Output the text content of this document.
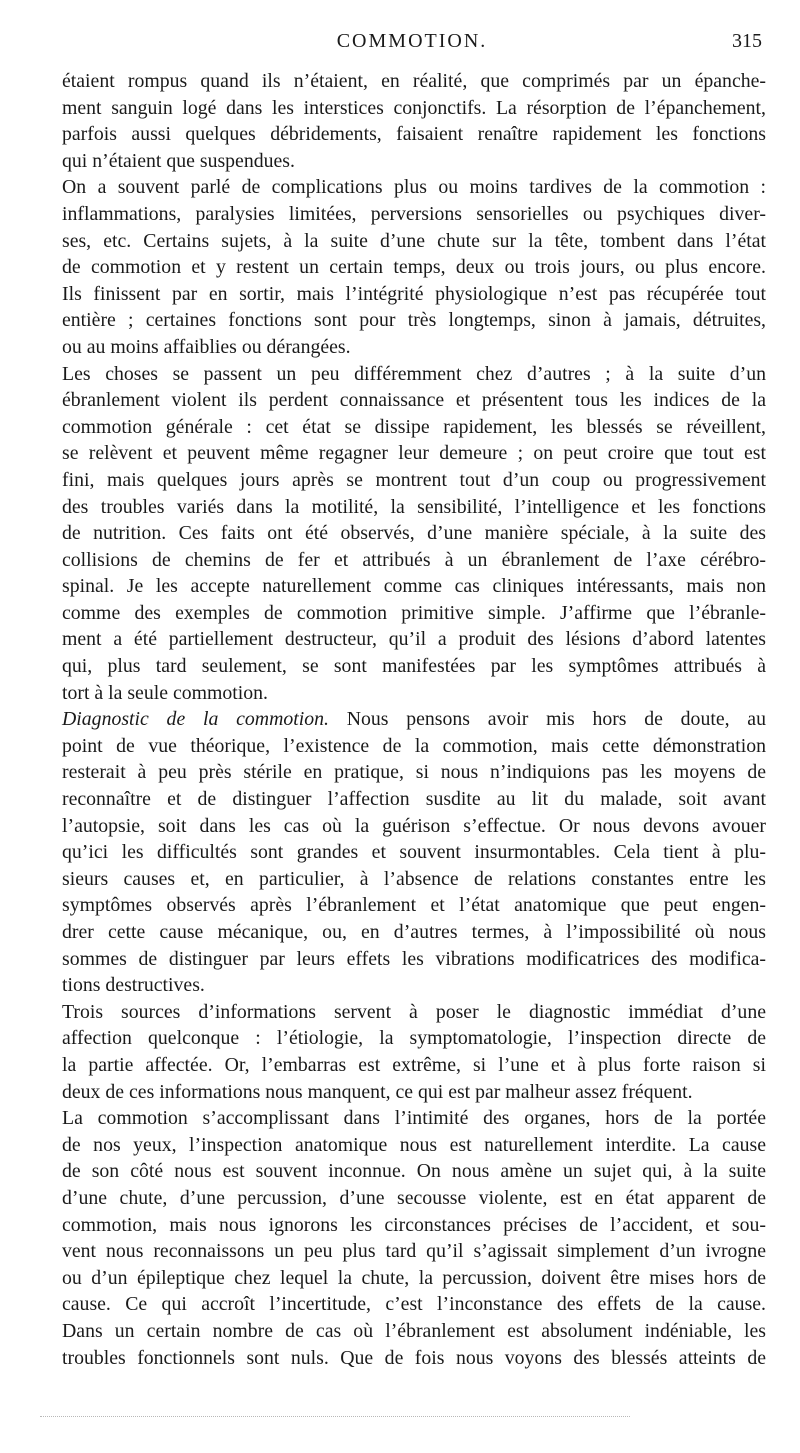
COMMOTION.	315
étaient rompus quand ils n’étaient, en réalité, que comprimés par un épanche-
ment sanguin logé dans les interstices conjonctifs. La résorption de l’épanchement,
parfois aussi quelques débridements, faisaient renaître rapidement les fonctions
qui n’étaient que suspendues.
On a souvent parlé de complications plus ou moins tardives de la commotion :
inflammations, paralysies limitées, perversions sensorielles ou psychiques diver-
ses, etc. Certains sujets, à la suite d’une chute sur la tête, tombent dans l’état
de commotion et y restent un certain temps, deux ou trois jours, ou plus encore.
Ils finissent par en sortir, mais l’intégrité physiologique n’est pas récupérée tout
entière ; certaines fonctions sont pour très longtemps, sinon à jamais, détruites,
ou au moins affaiblies ou dérangées.
Les choses se passent un peu différemment chez d’autres ; à la suite d’un
ébranlement violent ils perdent connaissance et présentent tous les indices de la
commotion générale : cet état se dissipe rapidement, les blessés se réveillent,
se relèvent et peuvent même regagner leur demeure ; on peut croire que tout est
fini, mais quelques jours après se montrent tout d’un coup ou progressivement
des troubles variés dans la motilité, la sensibilité, l’intelligence et les fonctions
de nutrition. Ces faits ont été observés, d’une manière spéciale, à la suite des
collisions de chemins de fer et attribués à un ébranlement de l’axe cérébro-
spinal. Je les accepte naturellement comme cas cliniques intéressants, mais non
comme des exemples de commotion primitive simple. J’affirme que l’ébranle-
ment a été partiellement destructeur, qu’il a produit des lésions d’abord latentes
qui, plus tard seulement, se sont manifestées par les symptômes attribués à
tort à la seule commotion.
Diagnostic de la commotion. Nous pensons avoir mis hors de doute, au
point de vue théorique, l’existence de la commotion, mais cette démonstration
resterait à peu près stérile en pratique, si nous n’indiquions pas les moyens de
reconnaître et de distinguer l’affection susdite au lit du malade, soit avant
l’autopsie, soit dans les cas où la guérison s’effectue. Or nous devons avouer
qu’ici les difficultés sont grandes et souvent insurmontables. Cela tient à plu-
sieurs causes et, en particulier, à l’absence de relations constantes entre les
symptômes observés après l’ébranlement et l’état anatomique que peut engen-
drer cette cause mécanique, ou, en d’autres termes, à l’impossibilité où nous
sommes de distinguer par leurs effets les vibrations modificatrices des modifica-
tions destructives.
Trois sources d’informations servent à poser le diagnostic immédiat d’une
affection quelconque : l’étiologie, la symptomatologie, l’inspection directe de
la partie affectée. Or, l’embarras est extrême, si l’une et à plus forte raison si
deux de ces informations nous manquent, ce qui est par malheur assez fréquent.
La commotion s’accomplissant dans l’intimité des organes, hors de la portée
de nos yeux, l’inspection anatomique nous est naturellement interdite. La cause
de son côté nous est souvent inconnue. On nous amène un sujet qui, à la suite
d’une chute, d’une percussion, d’une secousse violente, est en état apparent de
commotion, mais nous ignorons les circonstances précises de l’accident, et sou-
vent nous reconnaissons un peu plus tard qu’il s’agissait simplement d’un ivrogne
ou d’un épileptique chez lequel la chute, la percussion, doivent être mises hors de
cause. Ce qui accroît l’incertitude, c’est l’inconstance des effets de la cause.
Dans un certain nombre de cas où l’ébranlement est absolument indéniable, les
troubles fonctionnels sont nuls. Que de fois nous voyons des blessés atteints de
